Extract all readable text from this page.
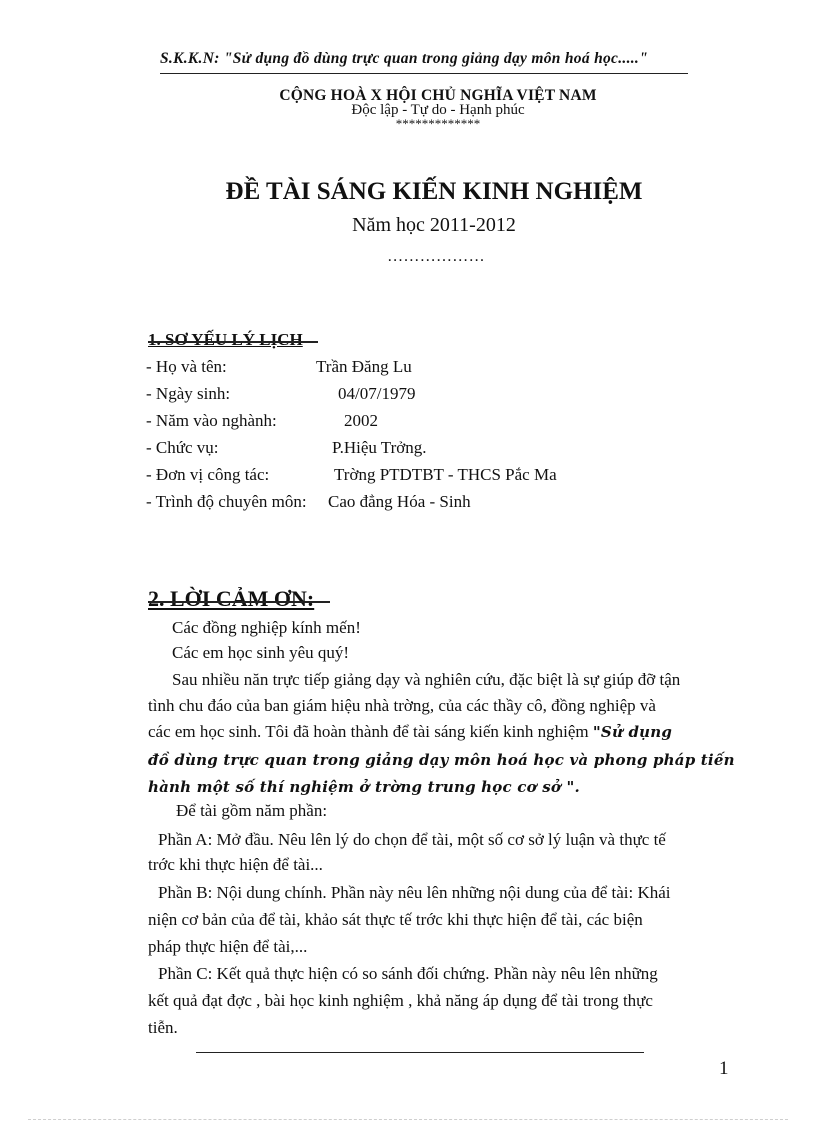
S.K.K.N: "Sử dụng đồ dùng trực quan trong giảng dạy môn hoá học....."
CỘNG HOÀ X HỘI CHỦ NGHĨA VIỆT NAM
Độc lập - Tự do - Hạnh phúc
*************
ĐỀ TÀI SÁNG KIẾN KINH NGHIỆM
Năm học 2011-2012
………………
1. SƠ YẾU LÝ LỊCH
- Họ và tên:	Trần Đăng Lu
- Ngày sinh:	04/07/1979
- Năm vào nghành:	2002
- Chức vụ:	P.Hiệu Trởng.
- Đơn vị công tác:	Trờng PTDTBT - THCS Pắc Ma
- Trình độ chuyên môn: Cao đẳng Hóa - Sinh
2. LỜI CẢM ƠN:
Các đồng nghiệp kính mến!
Các em học sinh yêu quý!
Sau nhiều năn trực tiếp giảng dạy và nghiên cứu, đặc biệt là sự giúp đỡ tận
tình chu đáo của ban giám hiệu nhà trờng, của các thầy cô, đồng nghiệp và
các em học sinh. Tôi đã hoàn thành để tài sáng kiến kinh nghiệm "Sử dụng
đồ dùng trực quan trong giảng dạy môn hoá học và phong pháp tiến
hành một số thí nghiệm ở trờng trung học cơ sở ".
Để tài gồm năm phần:
Phần A: Mở đầu. Nêu lên lý do chọn để tài, một số cơ sở lý luận và thực tế
trớc khi thực hiện để tài...
Phần B: Nội dung chính. Phần này nêu lên những nội dung của để tài: Khái
niện cơ bản của để tài, khảo sát thực tế trớc khi thực hiện để tài, các biện
pháp thực hiện để tài,...
Phần C: Kết quả thực hiện có so sánh đối chứng. Phần này nêu lên những
kết quả đạt đợc , bài học kinh nghiệm , khả năng áp dụng để tài trong thực
tiễn.
1
